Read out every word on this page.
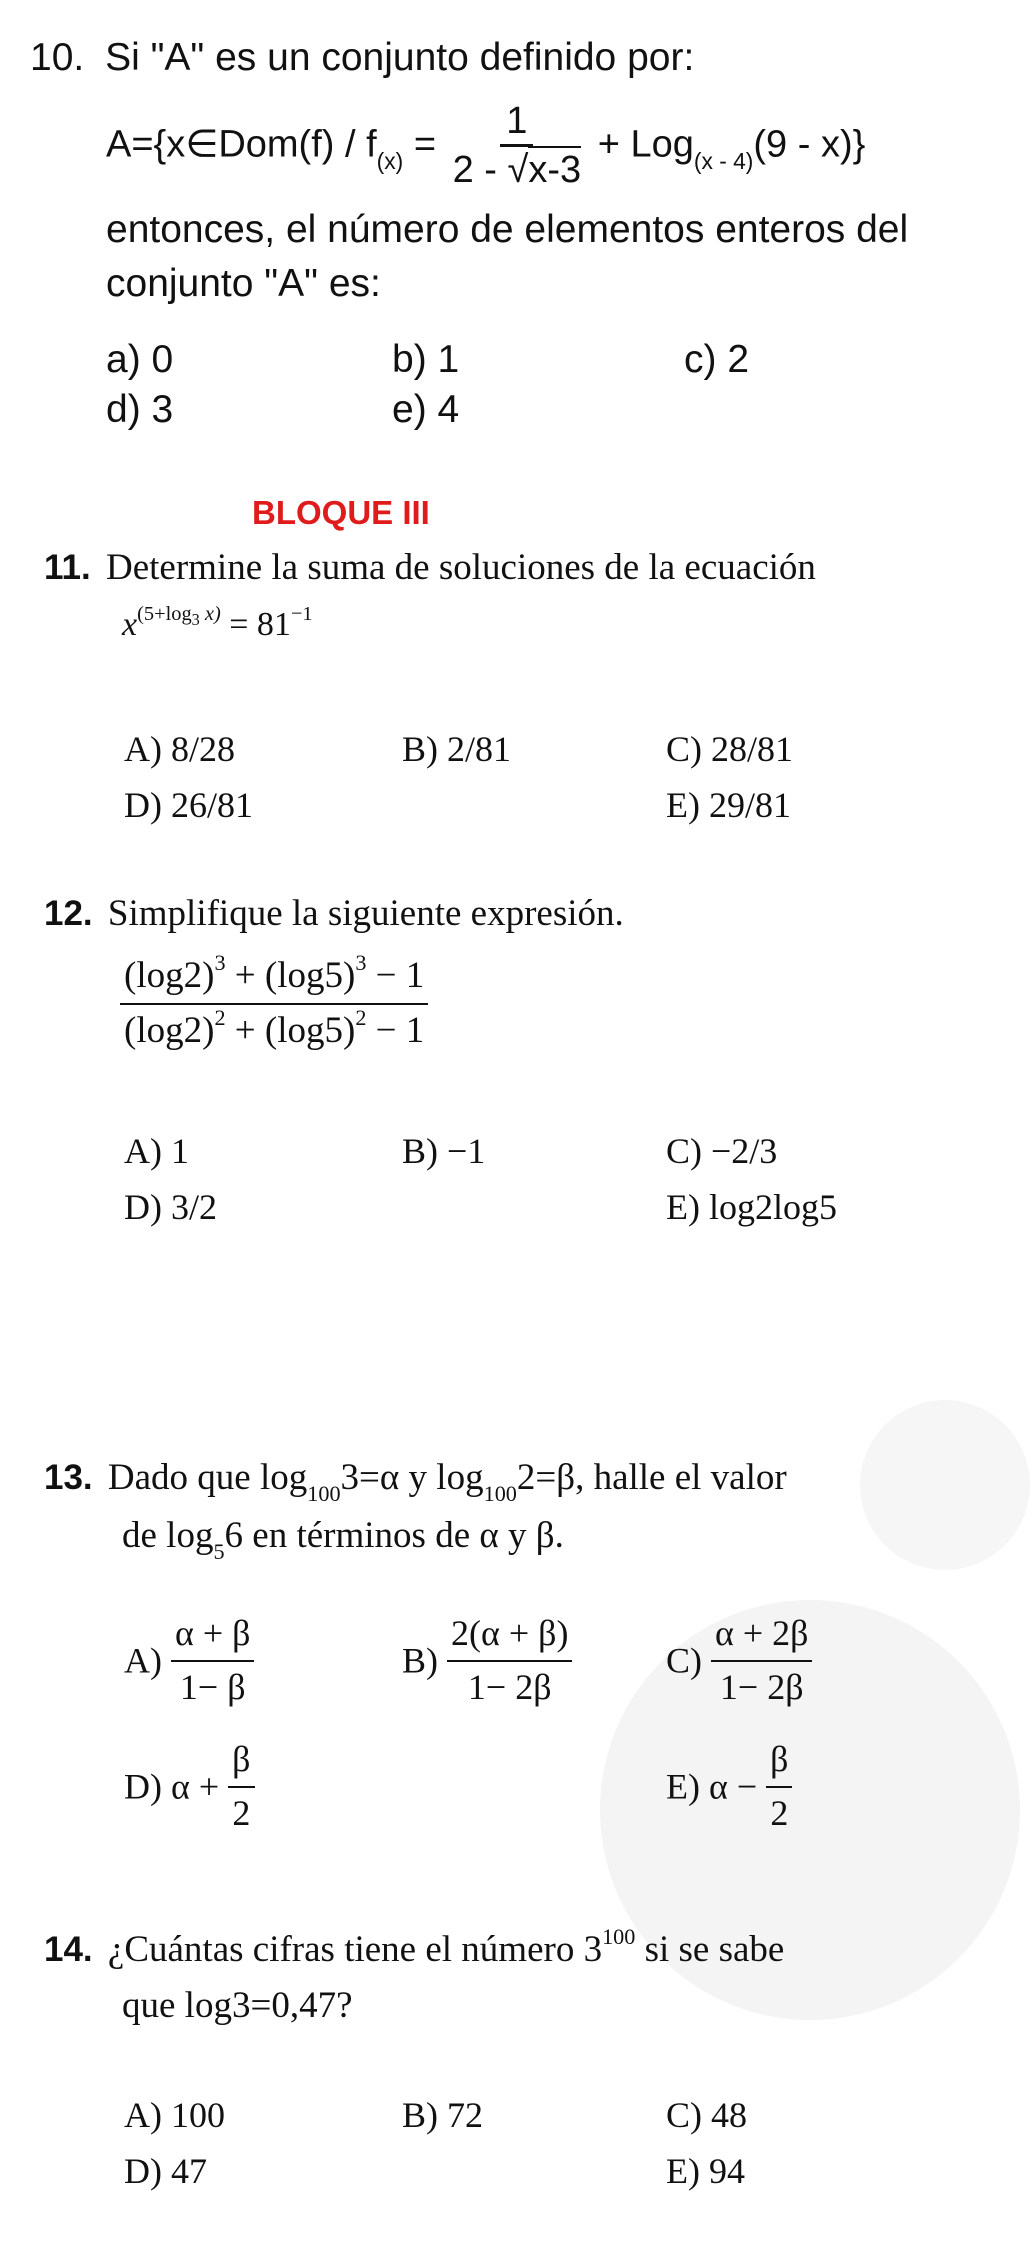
10. Si "A" es un conjunto definido por:
A={x∈Dom(f) / $f_{(x)} = \frac{1}{2 - √x-3} + Log_{(x - 4)}(9 - x)$}
entonces, el número de elementos enteros del
conjunto "A" es:
a) 0	b) 1	c) 2
d) 3	e) 4
BLOQUE III
11. Determine la suma de soluciones de la ecuación
$x^{(5+log_3 x)} = 81^{-1}$
A) 8/28	B) 2/81	C) 28/81
D) 26/81	E) 29/81
12. Simplifique la siguiente expresión.
$\frac{(\log 2)^3 + (\log 5)^3 - 1}{(\log 2)^2 + (\log 5)^2 - 1}$
A) 1	B) −1	C) −2/3
D) 3/2	E) log2log5
13. Dado que $\log_{100}3=\alpha$ y $\log_{100}2=\beta$, halle el valor
de $\log_56$ en términos de α y β.
$A) \frac{\alpha + \beta}{1- \beta}$	$B) \frac{2(\alpha + \beta)}{1- 2\beta}$	$C) \frac{\alpha + 2\beta}{1- 2\beta}$
D) $\alpha + \frac{\beta}{2}$	E) $\alpha - \frac{\beta}{2}$
14. ¿Cuántas cifras tiene el número $3^{100}$ si se sabe
que log3=0,47?
A) 100	B) 72	C) 48
D) 47	E) 94
